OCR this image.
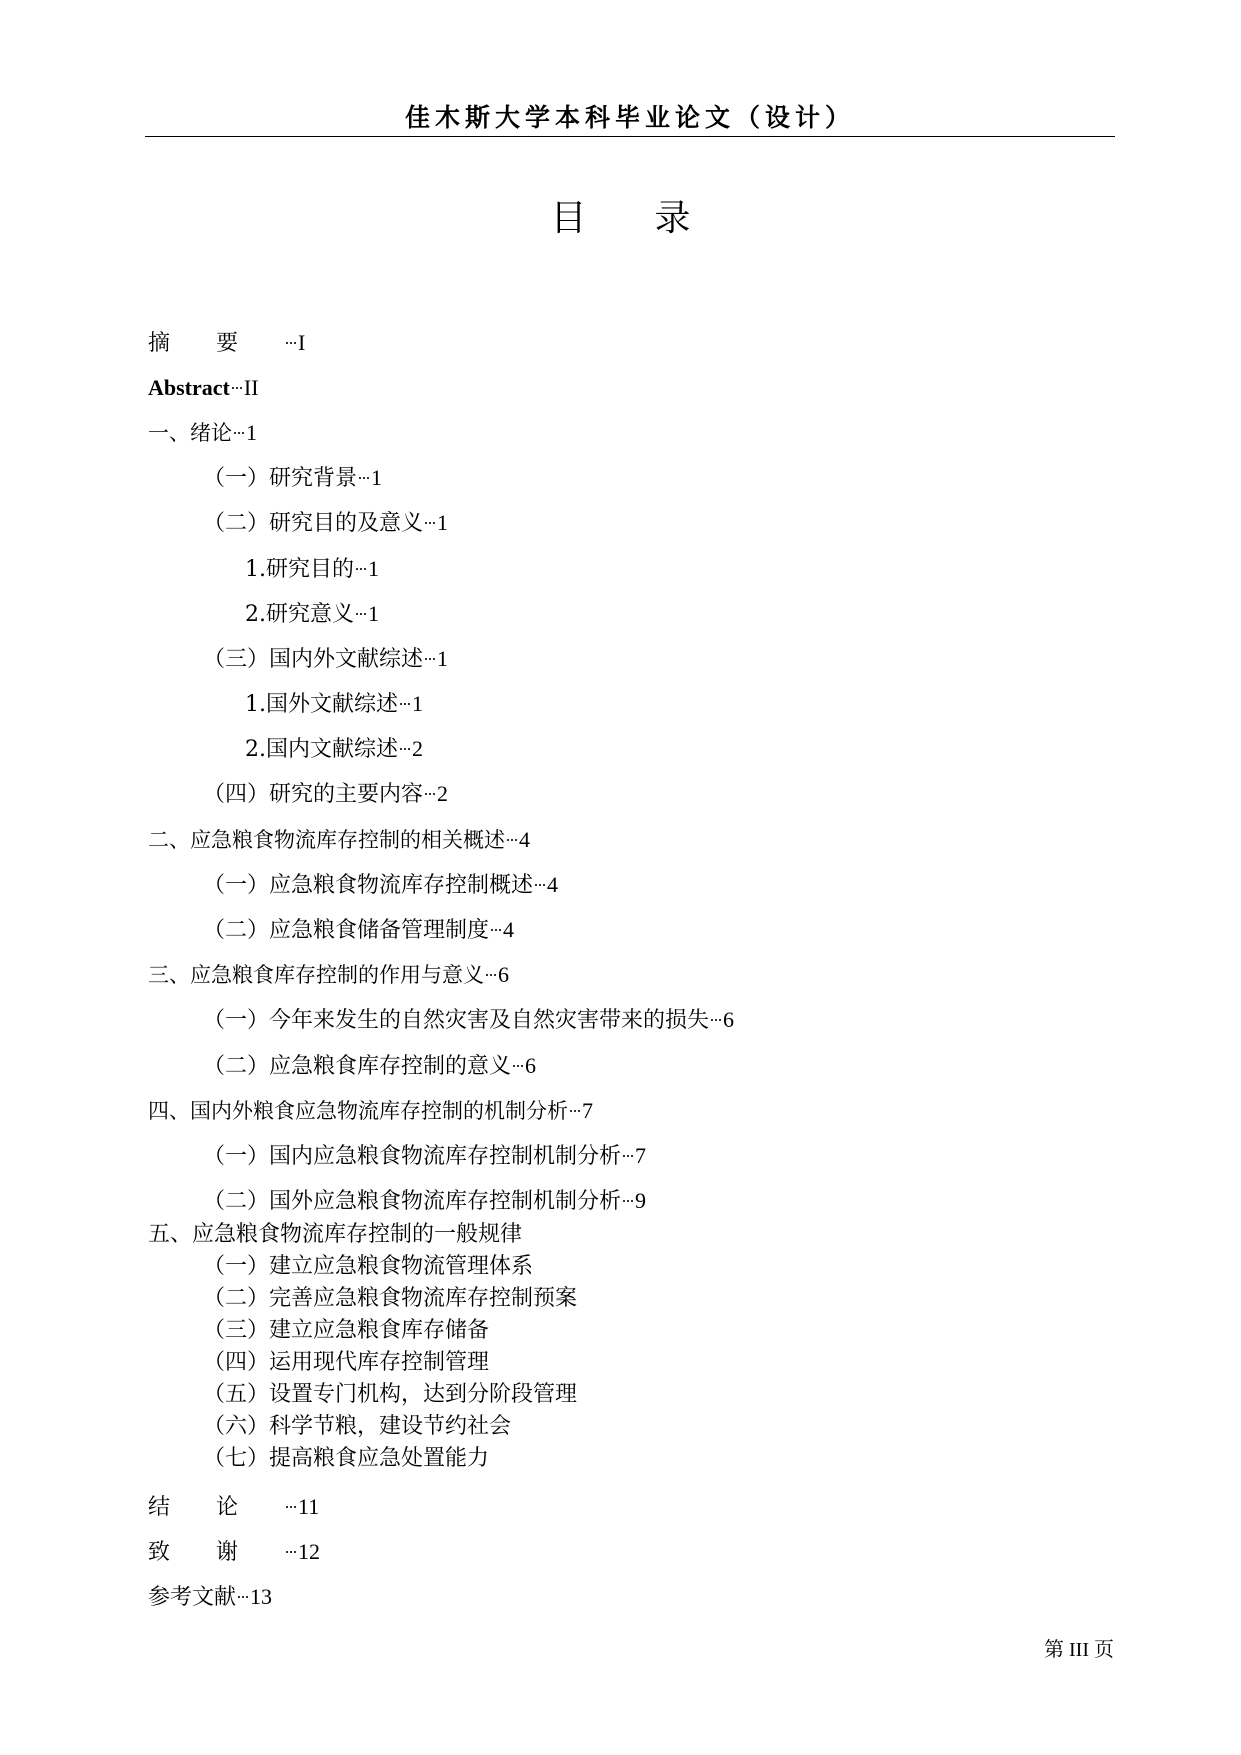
佳木斯大学本科毕业论文（设计）
目 录
摘要 I
Abstract II
一、绪论 1
（一）研究背景 1
（二）研究目的及意义 1
1.研究目的 1
2.研究意义 1
（三）国内外文献综述 1
1.国外文献综述 1
2.国内文献综述 2
（四）研究的主要内容 2
二、应急粮食物流库存控制的相关概述 4
（一）应急粮食物流库存控制概述 4
（二）应急粮食储备管理制度 4
三、应急粮食库存控制的作用与意义 6
（一）今年来发生的自然灾害及自然灾害带来的损失 6
（二）应急粮食库存控制的意义 6
四、国内外粮食应急物流库存控制的机制分析 7
（一）国内应急粮食物流库存控制机制分析 7
（二）国外应急粮食物流库存控制机制分析 9
五、应急粮食物流库存控制的一般规律
（一）建立应急粮食物流管理体系
（二）完善应急粮食物流库存控制预案
（三）建立应急粮食库存储备
（四）运用现代库存控制管理
（五）设置专门机构，达到分阶段管理
（六）科学节粮，建设节约社会
（七）提高粮食应急处置能力
结论 11
致谢 12
参考文献 13
第 III 页
